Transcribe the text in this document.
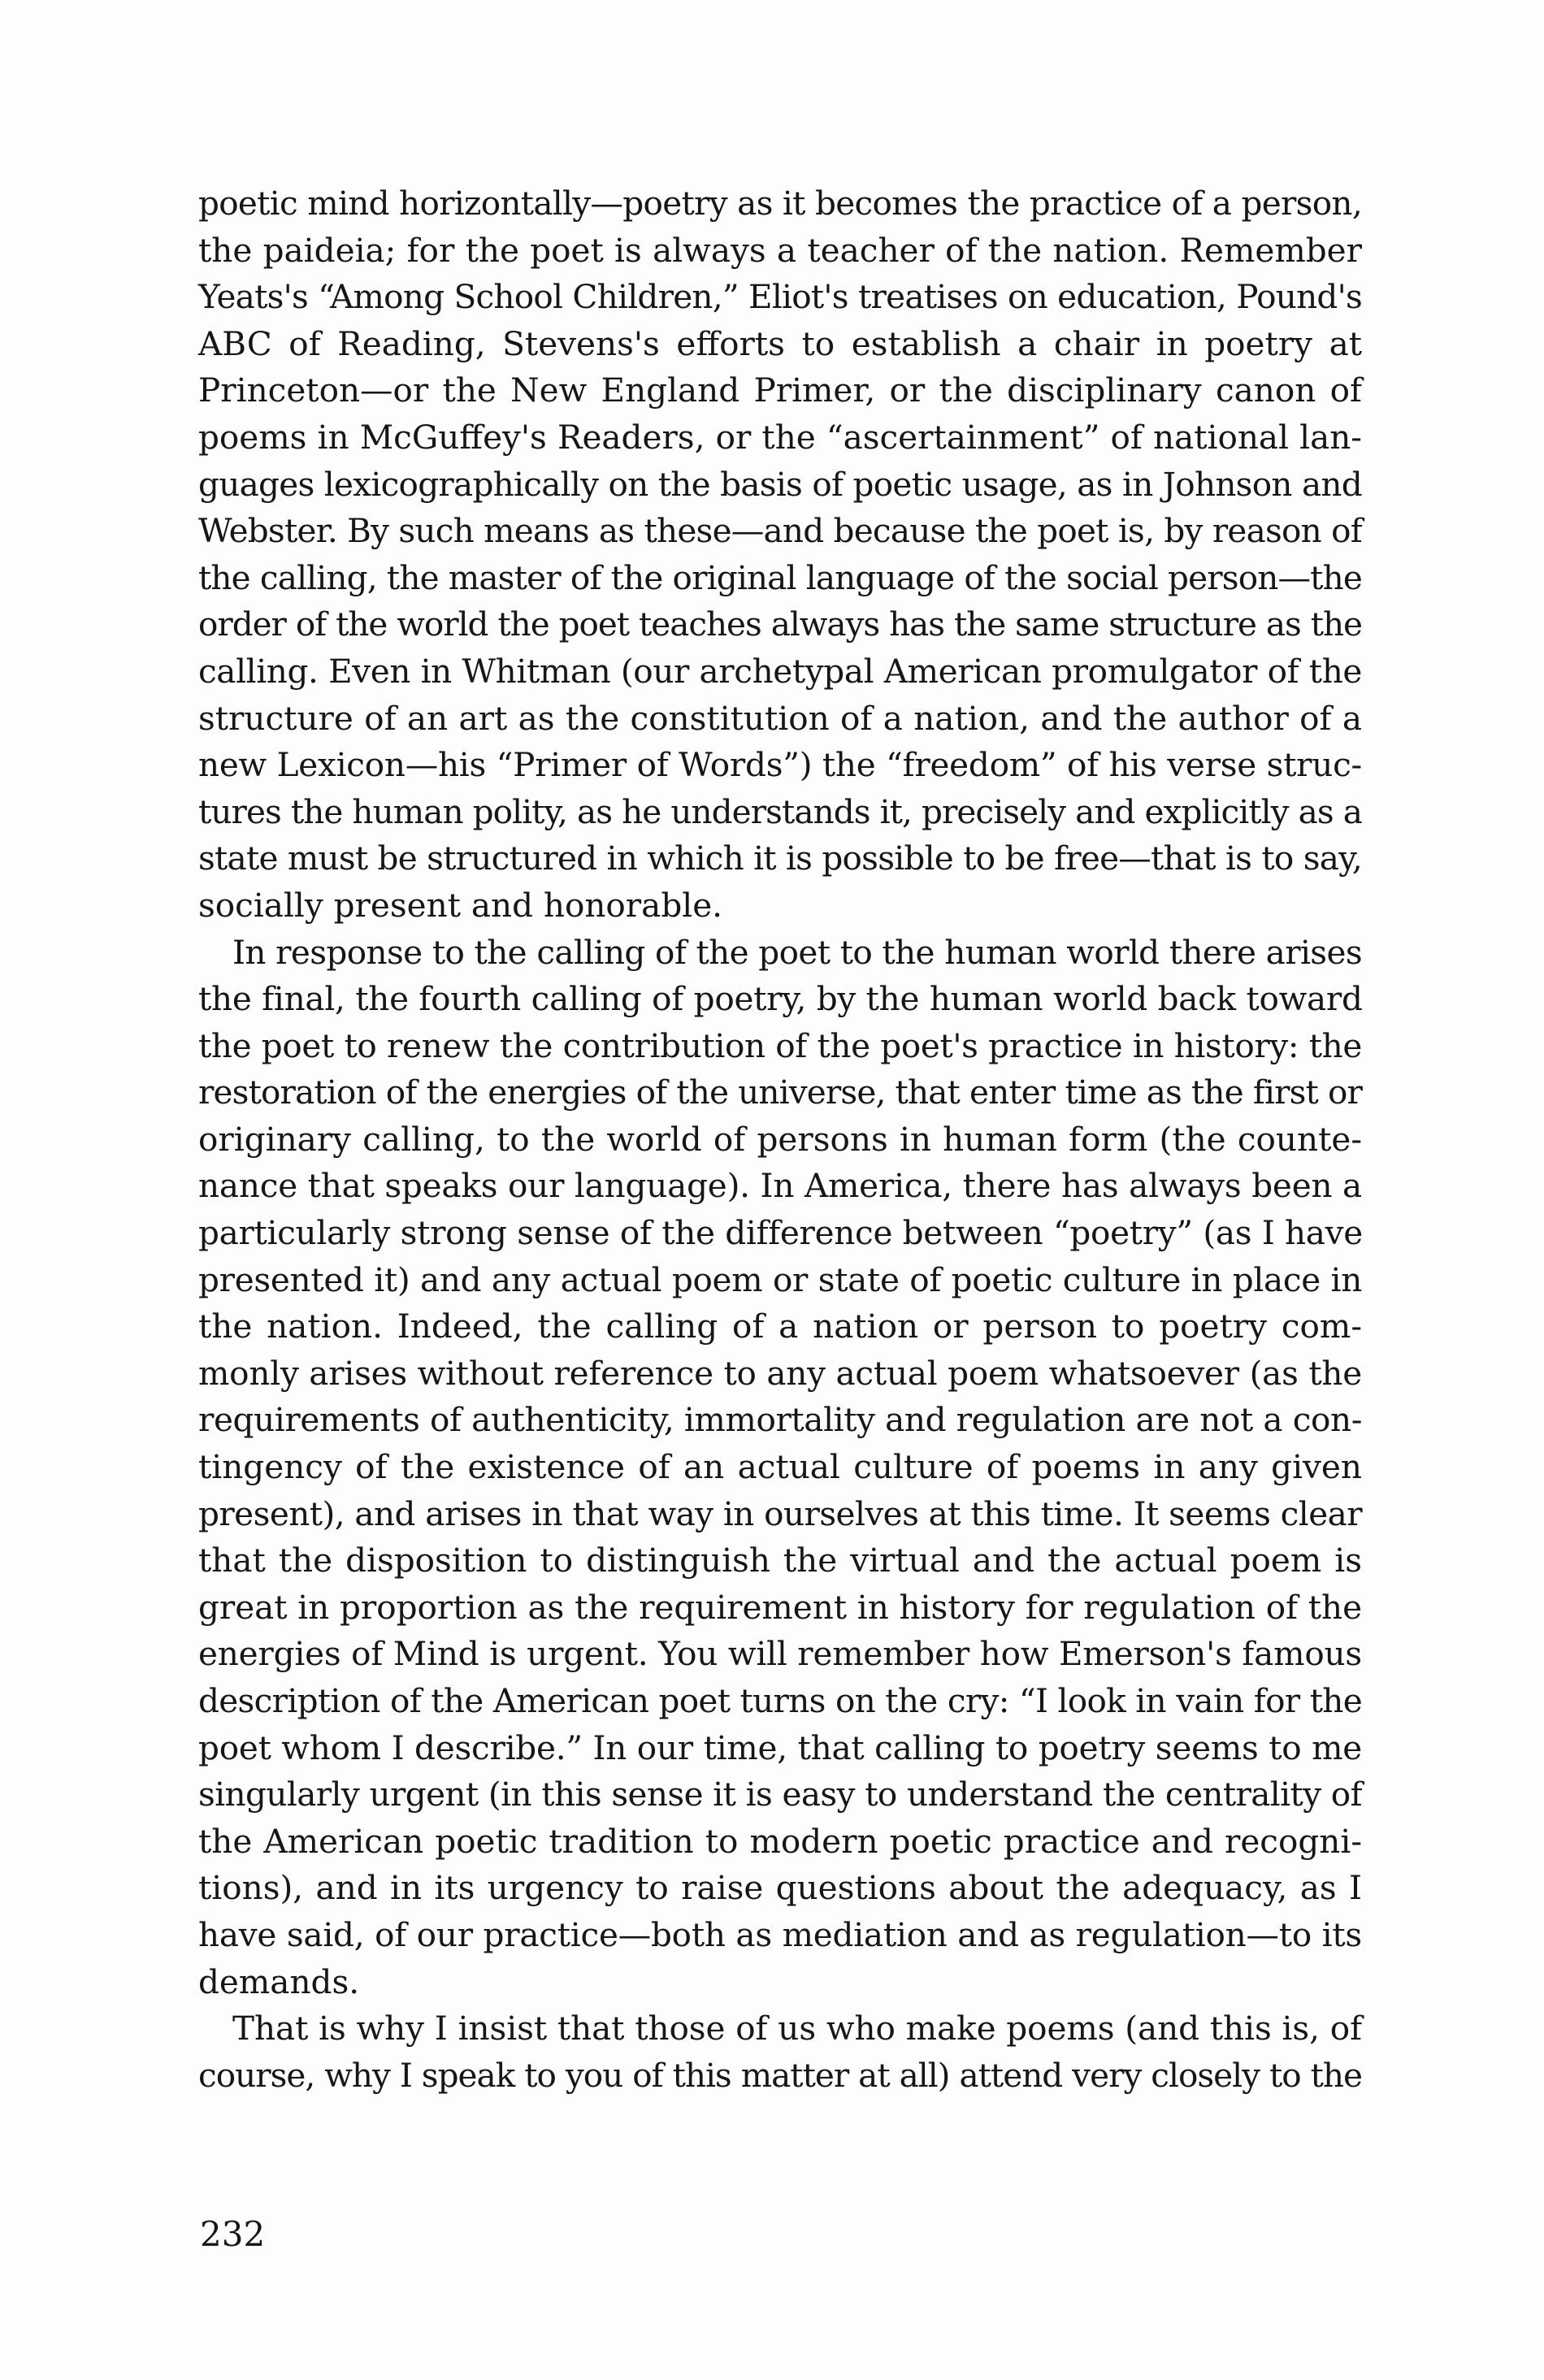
poetic mind horizontally—poetry as it becomes the practice of a person,
the paideia; for the poet is always a teacher of the nation. Remember
Yeats's “Among School Children,” Eliot's treatises on education, Pound's
ABC of Reading, Stevens's efforts to establish a chair in poetry at
Princeton—or the New England Primer, or the disciplinary canon of
poems in McGuffey's Readers, or the “ascertainment” of national lan-
guages lexicographically on the basis of poetic usage, as in Johnson and
Webster. By such means as these—and because the poet is, by reason of
the calling, the master of the original language of the social person—the
order of the world the poet teaches always has the same structure as the
calling. Even in Whitman (our archetypal American promulgator of the
structure of an art as the constitution of a nation, and the author of a
new Lexicon—his “Primer of Words”) the “freedom” of his verse struc-
tures the human polity, as he understands it, precisely and explicitly as a
state must be structured in which it is possible to be free—that is to say,
socially present and honorable.
In response to the calling of the poet to the human world there arises
the final, the fourth calling of poetry, by the human world back toward
the poet to renew the contribution of the poet's practice in history: the
restoration of the energies of the universe, that enter time as the first or
originary calling, to the world of persons in human form (the counte-
nance that speaks our language). In America, there has always been a
particularly strong sense of the difference between “poetry” (as I have
presented it) and any actual poem or state of poetic culture in place in
the nation. Indeed, the calling of a nation or person to poetry com-
monly arises without reference to any actual poem whatsoever (as the
requirements of authenticity, immortality and regulation are not a con-
tingency of the existence of an actual culture of poems in any given
present), and arises in that way in ourselves at this time. It seems clear
that the disposition to distinguish the virtual and the actual poem is
great in proportion as the requirement in history for regulation of the
energies of Mind is urgent. You will remember how Emerson's famous
description of the American poet turns on the cry: “I look in vain for the
poet whom I describe.” In our time, that calling to poetry seems to me
singularly urgent (in this sense it is easy to understand the centrality of
the American poetic tradition to modern poetic practice and recogni-
tions), and in its urgency to raise questions about the adequacy, as I
have said, of our practice—both as mediation and as regulation—to its
demands.
That is why I insist that those of us who make poems (and this is, of
course, why I speak to you of this matter at all) attend very closely to the
232
